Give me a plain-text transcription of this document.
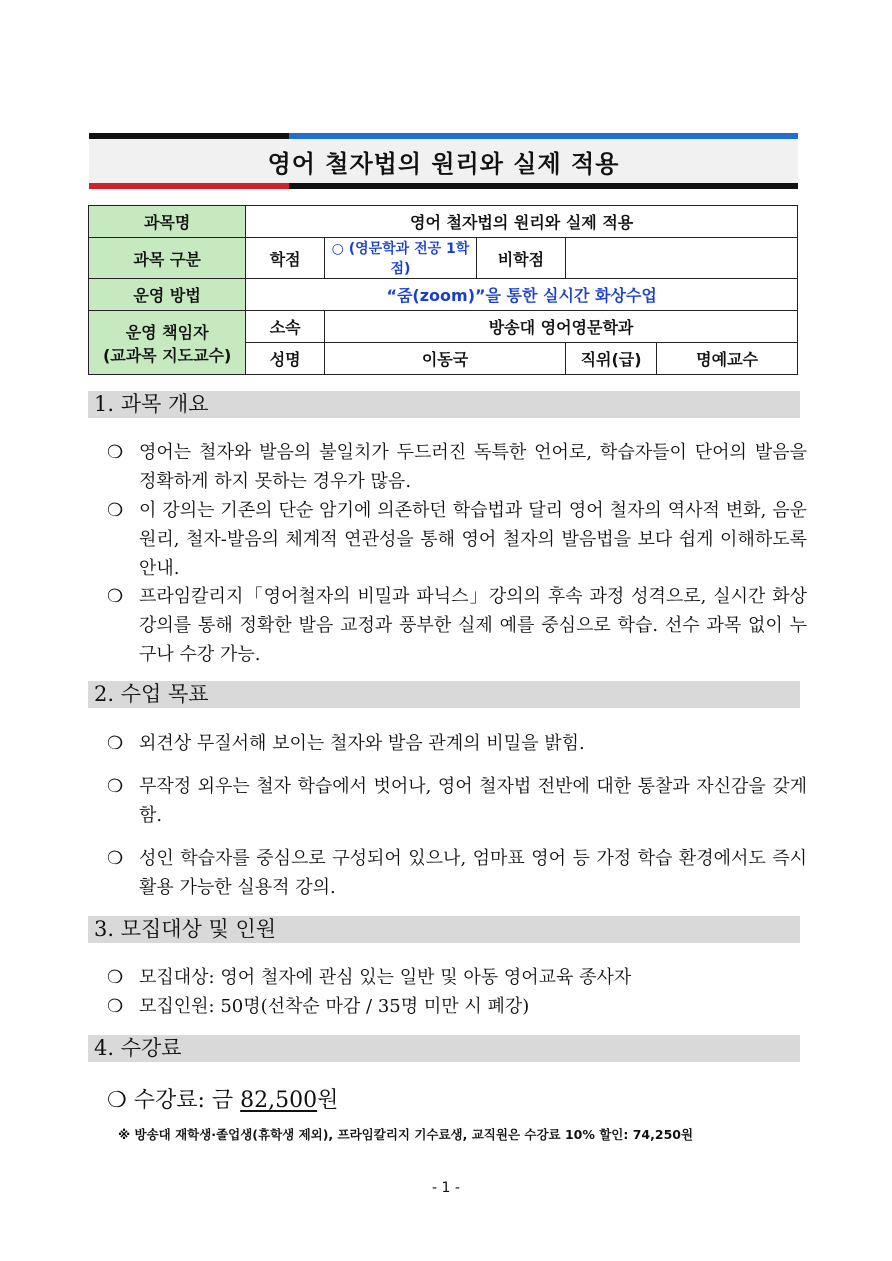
영어 철자법의 원리와 실제 적용
과목명	영어 철자법의 원리와 실제 적용				
과목 구분	학점	○ (영문학과 전공 1학점)	비학점		
운영 방법	“줌(zoom)”을 통한 실시간 화상수업				

운영 책임자
(교과목 지도교수)	소속	방송대 영어영문학과			
	성명	이동국		직위(급)	명예교수
1. 과목 개요
❍ 영어는 철자와 발음의 불일치가 두드러진 독특한 언어로, 학습자들이 단어의 발음을 정확하게 하지 못하는 경우가 많음.
❍ 이 강의는 기존의 단순 암기에 의존하던 학습법과 달리 영어 철자의 역사적 변화, 음운 원리, 철자-발음의 체계적 연관성을 통해 영어 철자의 발음법을 보다 쉽게 이해하도록 안내.
❍ 프라임칼리지「영어철자의 비밀과 파닉스」강의의 후속 과정 성격으로, 실시간 화상 강의를 통해 정확한 발음 교정과 풍부한 실제 예를 중심으로 학습. 선수 과목 없이 누구나 수강 가능.
2. 수업 목표
❍ 외견상 무질서해 보이는 철자와 발음 관계의 비밀을 밝힘.
❍ 무작정 외우는 철자 학습에서 벗어나, 영어 철자법 전반에 대한 통찰과 자신감을 갖게 함.
❍ 성인 학습자를 중심으로 구성되어 있으나, 엄마표 영어 등 가정 학습 환경에서도 즉시 활용 가능한 실용적 강의.
3. 모집대상 및 인원
❍ 모집대상: 영어 철자에 관심 있는 일반 및 아동 영어교육 종사자
❍ 모집인원: 50명(선착순 마감 / 35명 미만 시 폐강)
4. 수강료
❍ 수강료: 금 82,500원
※ 방송대 재학생·졸업생(휴학생 제외), 프라임칼리지 기수료생, 교직원은 수강료 10% 할인: 74,250원
- 1 -
